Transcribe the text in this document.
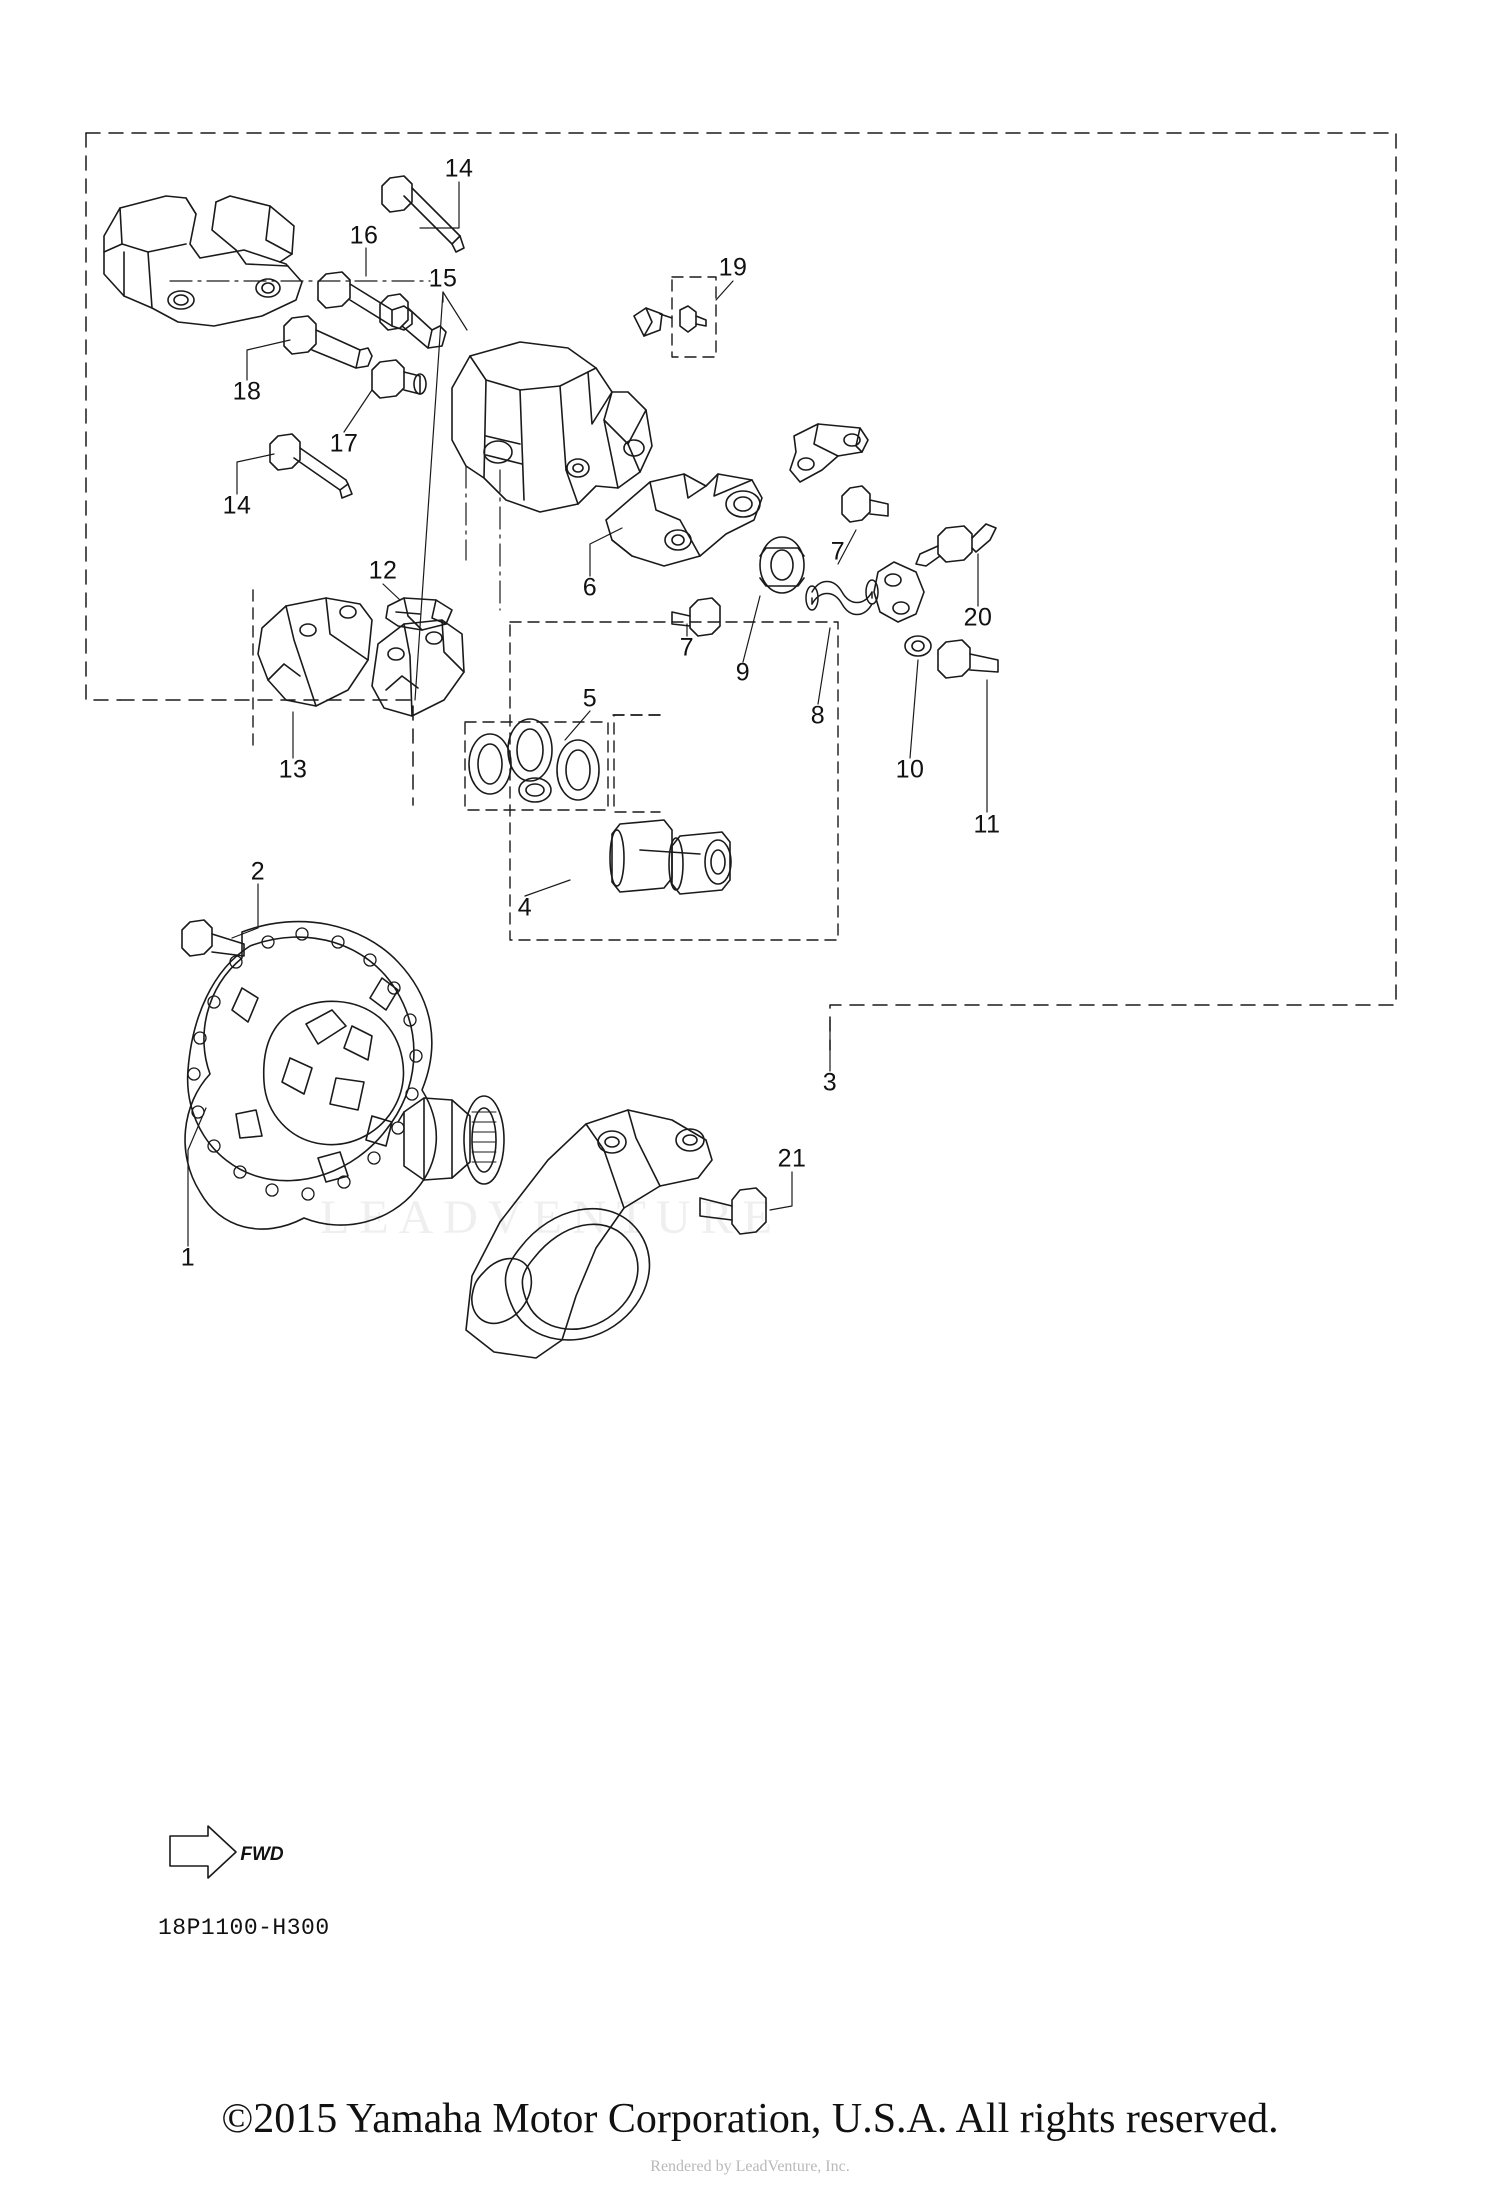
LEADVENTURE
FWD
18P1100-H300
©2015 Yamaha Motor Corporation, U.S.A. All rights reserved.
Rendered by LeadVenture, Inc.
1
2
3
4
5
6
7
7
8
9
10
11
12
13
14
14
15
16
17
18
19
20
21
